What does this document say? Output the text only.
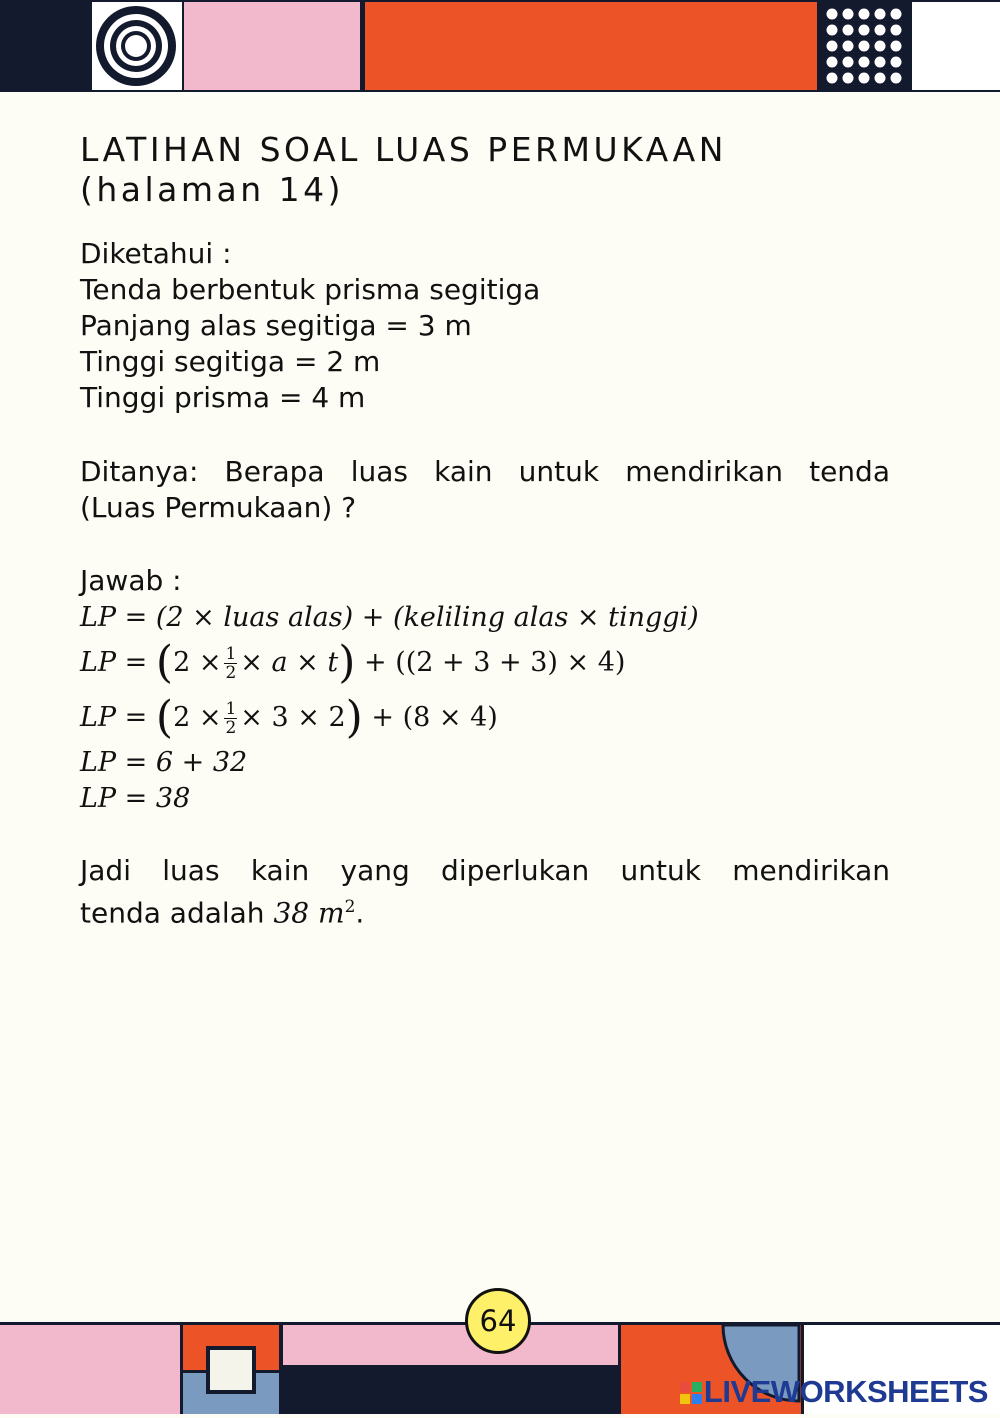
LATIHAN SOAL LUAS PERMUKAAN
(halaman 14)
Diketahui :
Tenda berbentuk prisma segitiga
Panjang alas segitiga = 3 m
Tinggi segitiga = 2 m
Tinggi prisma = 4 m
Ditanya: Berapa luas kain untuk mendirikan tenda
(Luas Permukaan) ?
Jawab :
LP = (2 × luas alas) + (keliling alas × tinggi)
LP = $(2 \times \frac{1}{2} \times a \times t) + ((2 + 3 + 3) \times 4)$
LP = $(2 \times \frac{1}{2} \times 3 \times 2) + (8 \times 4)$
LP = 6 + 32
LP = 38
Jadi luas kain yang diperlukan untuk mendirikan
tenda adalah 38 $m^2$.
64
LIVEWORKSHEETS
